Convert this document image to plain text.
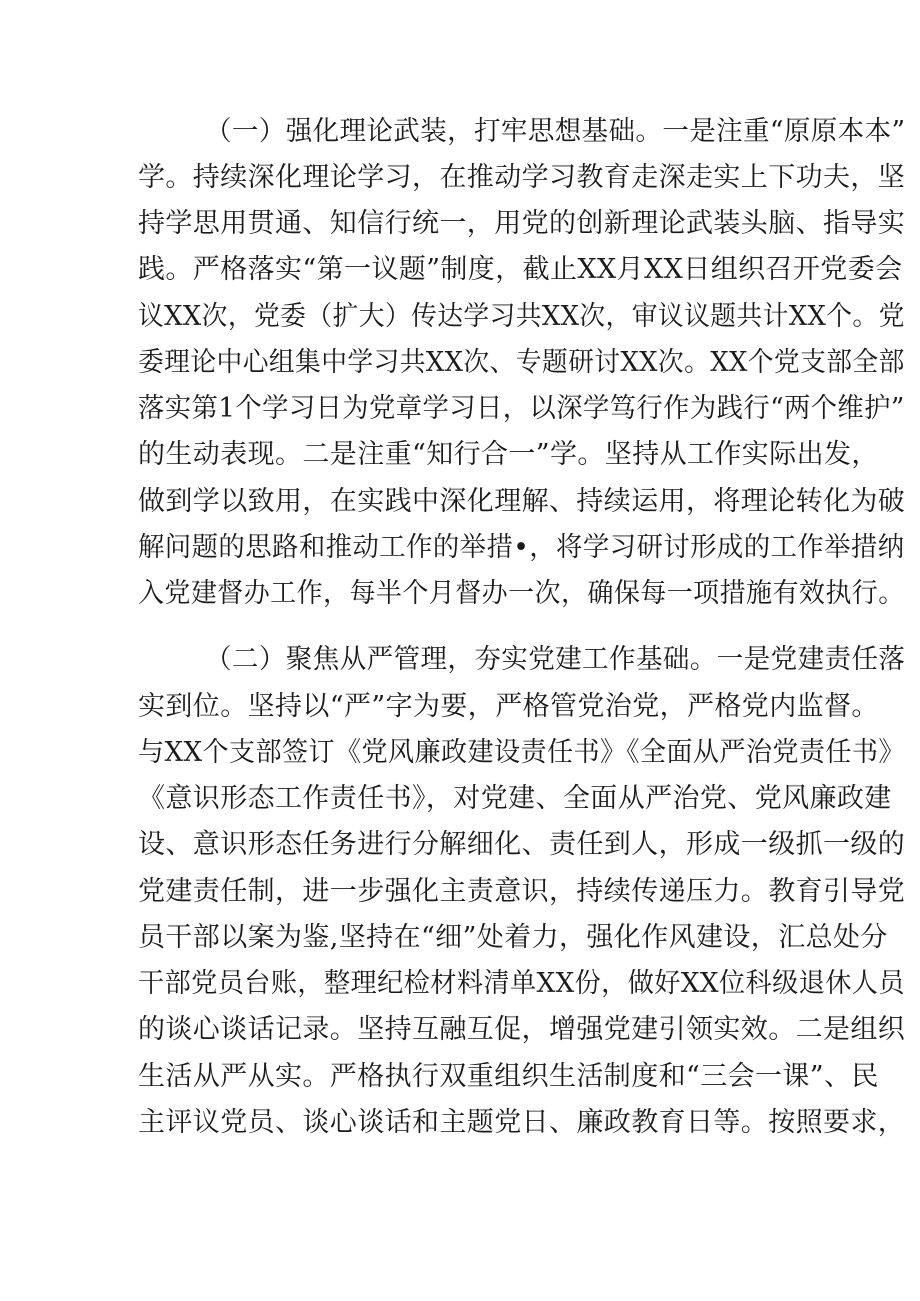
（一）强化理论武装，打牢思想基础。一是注重“原原本本”
学。持续深化理论学习，在推动学习教育走深走实上下功夫，坚
持学思用贯通、知信行统一，用党的创新理论武装头脑、指导实
践。严格落实“第一议题”制度，截止XX月XX日组织召开党委会
议XX次，党委（扩大）传达学习共XX次，审议议题共计XX个。党
委理论中心组集中学习共XX次、专题研讨XX次。XX个党支部全部
落实第1个学习日为党章学习日，以深学笃行作为践行“两个维护”
的生动表现。二是注重“知行合一”学。坚持从工作实际出发，
做到学以致用，在实践中深化理解、持续运用，将理论转化为破
解问题的思路和推动工作的举措•，将学习研讨形成的工作举措纳
入党建督办工作，每半个月督办一次，确保每一项措施有效执行。
（二）聚焦从严管理，夯实党建工作基础。一是党建责任落
实到位。坚持以“严”字为要，严格管党治党，严格党内监督。
与XX个支部签订《党风廉政建设责任书》《全面从严治党责任书》
《意识形态工作责任书》，对党建、全面从严治党、党风廉政建
设、意识形态任务进行分解细化、责任到人，形成一级抓一级的
党建责任制，进一步强化主责意识，持续传递压力。教育引导党
员干部以案为鉴,坚持在“细”处着力，强化作风建设，汇总处分
干部党员台账，整理纪检材料清单XX份，做好XX位科级退休人员
的谈心谈话记录。坚持互融互促，增强党建引领实效。二是组织
生活从严从实。严格执行双重组织生活制度和“三会一课”、民
主评议党员、谈心谈话和主题党日、廉政教育日等。按照要求，
